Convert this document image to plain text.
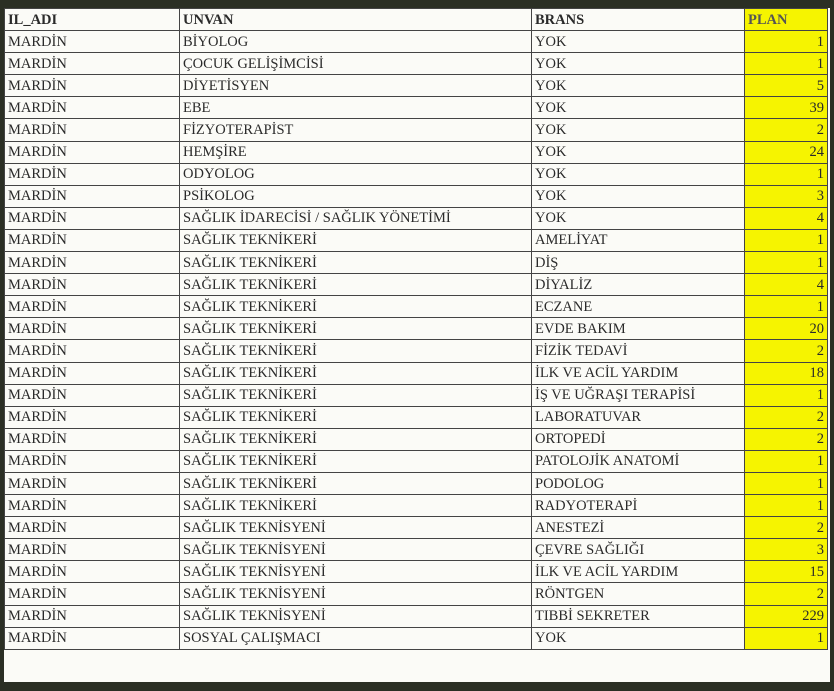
IL_ADI	UNVAN	BRANS	PLAN
MARDİN	BİYOLOG	YOK	1
MARDİN	ÇOCUK GELİŞİMCİSİ	YOK	1
MARDİN	DİYETİSYEN	YOK	5
MARDİN	EBE	YOK	39
MARDİN	FİZYOTERAPİST	YOK	2
MARDİN	HEMŞİRE	YOK	24
MARDİN	ODYOLOG	YOK	1
MARDİN	PSİKOLOG	YOK	3
MARDİN	SAĞLIK İDARECİSİ / SAĞLIK YÖNETİMİ	YOK	4
MARDİN	SAĞLIK TEKNİKERİ	AMELİYAT	1
MARDİN	SAĞLIK TEKNİKERİ	DİŞ	1
MARDİN	SAĞLIK TEKNİKERİ	DİYALİZ	4
MARDİN	SAĞLIK TEKNİKERİ	ECZANE	1
MARDİN	SAĞLIK TEKNİKERİ	EVDE BAKIM	20
MARDİN	SAĞLIK TEKNİKERİ	FİZİK TEDAVİ	2
MARDİN	SAĞLIK TEKNİKERİ	İLK VE ACİL YARDIM	18
MARDİN	SAĞLIK TEKNİKERİ	İŞ VE UĞRAŞI TERAPİSİ	1
MARDİN	SAĞLIK TEKNİKERİ	LABORATUVAR	2
MARDİN	SAĞLIK TEKNİKERİ	ORTOPEDİ	2
MARDİN	SAĞLIK TEKNİKERİ	PATOLOJİK ANATOMİ	1
MARDİN	SAĞLIK TEKNİKERİ	PODOLOG	1
MARDİN	SAĞLIK TEKNİKERİ	RADYOTERAPİ	1
MARDİN	SAĞLIK TEKNİSYENİ	ANESTEZİ	2
MARDİN	SAĞLIK TEKNİSYENİ	ÇEVRE SAĞLIĞI	3
MARDİN	SAĞLIK TEKNİSYENİ	İLK VE ACİL YARDIM	15
MARDİN	SAĞLIK TEKNİSYENİ	RÖNTGEN	2
MARDİN	SAĞLIK TEKNİSYENİ	TIBBİ SEKRETER	229
MARDİN	SOSYAL ÇALIŞMACI	YOK	1
